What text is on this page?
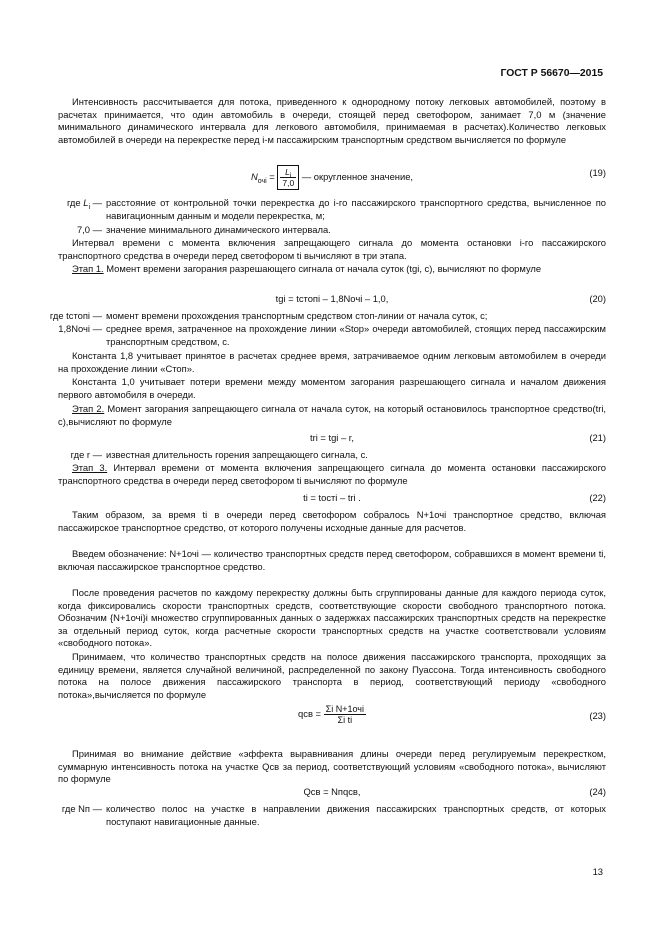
ГОСТ Р 56670—2015

Интенсивность рассчитывается для потока, приведенного к однородному потоку легковых автомобилей, поэтому в расчетах принимается, что один автомобиль в очереди, стоящей перед светофором, занимает 7,0 м (значение минимального динамического интервала для легкового автомобиля, принимаемая в расчетах).Количество легковых автомобилей в очереди на перекрестке перед i-м пассажирским транспортным средством вычисляется по формуле

$N_{очi} = \frac{L_i}{7,0}$ — округленное значение,	(19)
где $L_i$ — расстояние от контрольной точки перекрестка до i-го пассажирского транспортного средства, вычисленное по навигационным данным и модели перекрестка, м;
7,0 — значение минимального динамического интервала.

Интервал времени с момента включения запрещающего сигнала до момента остановки i-го пассажирского транспортного средства в очереди перед светофором ti вычисляют в три этапа.

Этап 1. Момент времени загорания разрешающего сигнала от начала суток (tgi, с), вычисляют по формуле

tgi = tстопi – 1,8Nочi – 1,0,	(20)
где tстопi — момент времени прохождения транспортным средством стоп-линии от начала суток, с;
1,8Nочi — среднее время, затраченное на прохождение линии «Stop» очереди автомобилей, стоящих перед пассажирским транспортным средством, с.

Константа 1,8 учитывает принятое в расчетах среднее время, затрачиваемое одним легковым автомобилем в очереди на прохождение линии «Стоп».

Константа 1,0 учитывает потери времени между моментом загорания разрешающего сигнала и началом движения первого автомобиля в очереди.

Этап 2. Момент загорания запрещающего сигнала от начала суток, на который остановилось транспортное средство(tri, с),вычисляют по формуле

tri = tgi – r,	(21)
где r — известная длительность горения запрещающего сигнала, с.

Этап 3. Интервал времени от момента включения запрещающего сигнала до момента остановки пассажирского транспортного средства в очереди перед светофором ti вычисляют по формуле

ti = tостi – tri .	(22)

Таким образом, за время ti в очереди перед светофором собралось N+1очi транспортное средство, включая пассажирское транспортное средство, от которого получены исходные данные для расчетов.

Введем обозначение: N+1очi — количество транспортных средств перед светофором, собравшихся в момент времени ti, включая пассажирское транспортное средство.

После проведения расчетов по каждому перекрестку должны быть сгруппированы данные для каждого периода суток, когда фиксировались скорости транспортных средств, соответствующие скорости свободного транспортного потока. Обозначим {N+1очi}i множество сгруппированных данных о задержках пассажирских транспортных средств на перекрестке за отдельный период суток, когда расчетные скорости транспортных средств на участке соответствовали условиям «свободного потока».

Принимаем, что количество транспортных средств на полосе движения пассажирского транспорта, проходящих за единицу времени, является случайной величиной, распределенной по закону Пуассона. Тогда интенсивность свободного потока на полосе движения пассажирского транспорта в период, соответствующий периоду «свободного потока»,вычисляется по формуле

qсв = $\frac{\text{Σi N+1очi}}{\text{Σi ti}}$	(23)

Принимая во внимание действие «эффекта выравнивания длины очереди перед регулируемым перекрестком, суммарную интенсивность потока на участке Qсв за период, соответствующий условиям «свободного потока», вычисляют по формуле

Qсв = Nпqсв,	(24)
где Nп — количество полос на участке в направлении движения пассажирских транспортных средств, от которых поступают навигационные данные.
13
